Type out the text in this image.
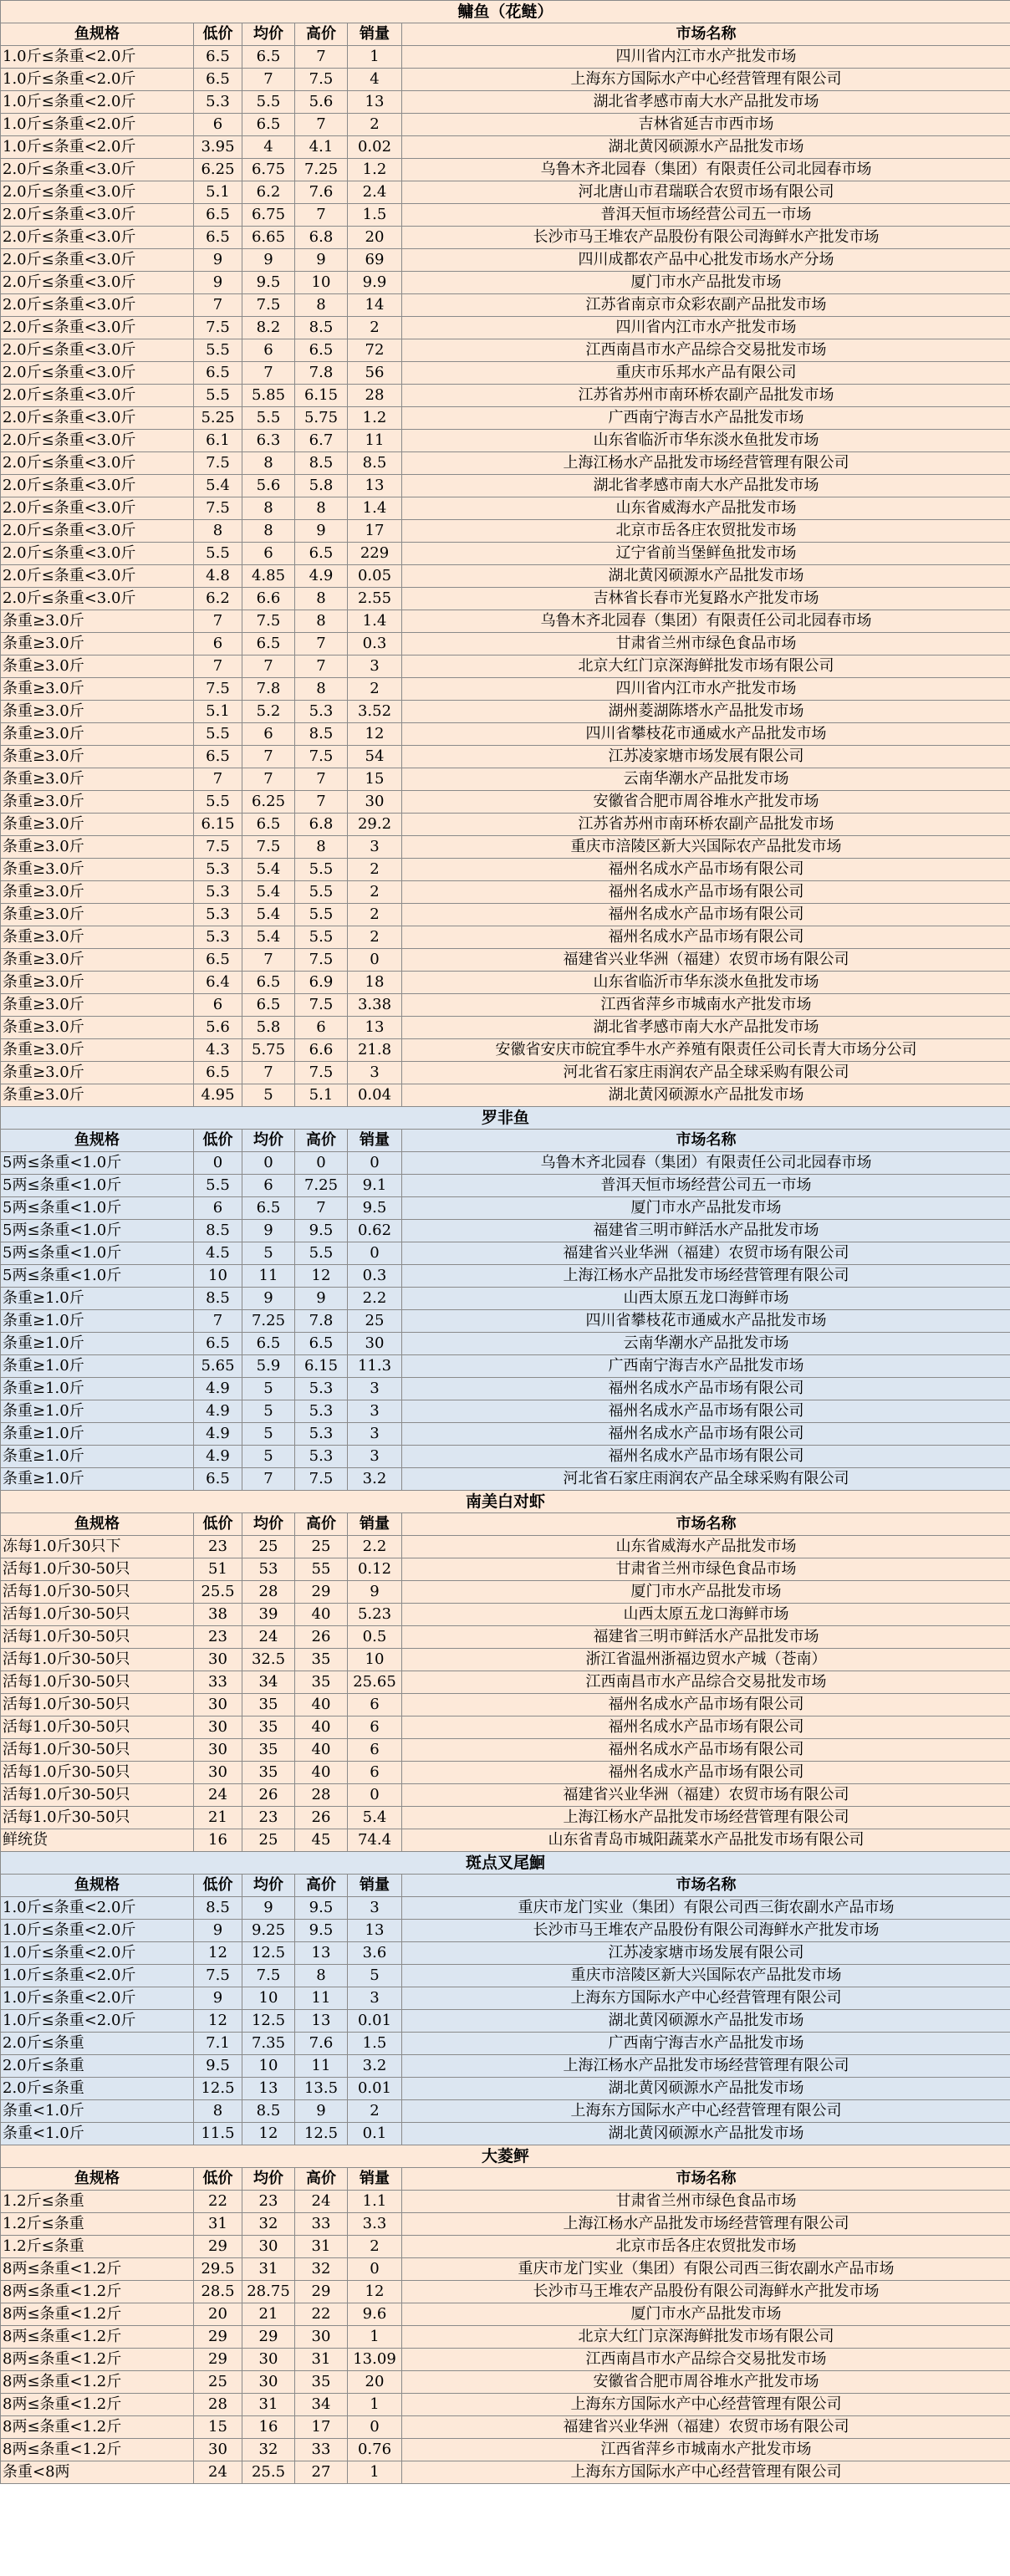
鳙鱼（花鲢）					
鱼规格	低价	均价	高价	销量	市场名称
1.0斤≤条重<2.0斤	6.5	6.5	7	1	四川省内江市水产批发市场
1.0斤≤条重<2.0斤	6.5	7	7.5	4	上海东方国际水产中心经营管理有限公司
1.0斤≤条重<2.0斤	5.3	5.5	5.6	13	湖北省孝感市南大水产品批发市场
1.0斤≤条重<2.0斤	6	6.5	7	2	吉林省延吉市西市场
1.0斤≤条重<2.0斤	3.95	4	4.1	0.02	湖北黄冈硕源水产品批发市场
2.0斤≤条重<3.0斤	6.25	6.75	7.25	1.2	乌鲁木齐北园春（集团）有限责任公司北园春市场
2.0斤≤条重<3.0斤	5.1	6.2	7.6	2.4	河北唐山市君瑞联合农贸市场有限公司
2.0斤≤条重<3.0斤	6.5	6.75	7	1.5	普洱天恒市场经营公司五一市场
2.0斤≤条重<3.0斤	6.5	6.65	6.8	20	长沙市马王堆农产品股份有限公司海鲜水产批发市场
2.0斤≤条重<3.0斤	9	9	9	69	四川成都农产品中心批发市场水产分场
2.0斤≤条重<3.0斤	9	9.5	10	9.9	厦门市水产品批发市场
2.0斤≤条重<3.0斤	7	7.5	8	14	江苏省南京市众彩农副产品批发市场
2.0斤≤条重<3.0斤	7.5	8.2	8.5	2	四川省内江市水产批发市场
2.0斤≤条重<3.0斤	5.5	6	6.5	72	江西南昌市水产品综合交易批发市场
2.0斤≤条重<3.0斤	6.5	7	7.8	56	重庆市乐邦水产品有限公司
2.0斤≤条重<3.0斤	5.5	5.85	6.15	28	江苏省苏州市南环桥农副产品批发市场
2.0斤≤条重<3.0斤	5.25	5.5	5.75	1.2	广西南宁海吉水产品批发市场
2.0斤≤条重<3.0斤	6.1	6.3	6.7	11	山东省临沂市华东淡水鱼批发市场
2.0斤≤条重<3.0斤	7.5	8	8.5	8.5	上海江杨水产品批发市场经营管理有限公司
2.0斤≤条重<3.0斤	5.4	5.6	5.8	13	湖北省孝感市南大水产品批发市场
2.0斤≤条重<3.0斤	7.5	8	8	1.4	山东省威海水产品批发市场
2.0斤≤条重<3.0斤	8	8	9	17	北京市岳各庄农贸批发市场
2.0斤≤条重<3.0斤	5.5	6	6.5	229	辽宁省前当堡鲜鱼批发市场
2.0斤≤条重<3.0斤	4.8	4.85	4.9	0.05	湖北黄冈硕源水产品批发市场
2.0斤≤条重<3.0斤	6.2	6.6	8	2.55	吉林省长春市光复路水产批发市场
条重≥3.0斤	7	7.5	8	1.4	乌鲁木齐北园春（集团）有限责任公司北园春市场
条重≥3.0斤	6	6.5	7	0.3	甘肃省兰州市绿色食品市场
条重≥3.0斤	7	7	7	3	北京大红门京深海鲜批发市场有限公司
条重≥3.0斤	7.5	7.8	8	2	四川省内江市水产批发市场
条重≥3.0斤	5.1	5.2	5.3	3.52	湖州菱湖陈塔水产品批发市场
条重≥3.0斤	5.5	6	8.5	12	四川省攀枝花市通威水产品批发市场
条重≥3.0斤	6.5	7	7.5	54	江苏凌家塘市场发展有限公司
条重≥3.0斤	7	7	7	15	云南华潮水产品批发市场
条重≥3.0斤	5.5	6.25	7	30	安徽省合肥市周谷堆水产批发市场
条重≥3.0斤	6.15	6.5	6.8	29.2	江苏省苏州市南环桥农副产品批发市场
条重≥3.0斤	7.5	7.5	8	3	重庆市涪陵区新大兴国际农产品批发市场
条重≥3.0斤	5.3	5.4	5.5	2	福州名成水产品市场有限公司
条重≥3.0斤	5.3	5.4	5.5	2	福州名成水产品市场有限公司
条重≥3.0斤	5.3	5.4	5.5	2	福州名成水产品市场有限公司
条重≥3.0斤	5.3	5.4	5.5	2	福州名成水产品市场有限公司
条重≥3.0斤	6.5	7	7.5	0	福建省兴业华洲（福建）农贸市场有限公司
条重≥3.0斤	6.4	6.5	6.9	18	山东省临沂市华东淡水鱼批发市场
条重≥3.0斤	6	6.5	7.5	3.38	江西省萍乡市城南水产批发市场
条重≥3.0斤	5.6	5.8	6	13	湖北省孝感市南大水产品批发市场
条重≥3.0斤	4.3	5.75	6.6	21.8	安徽省安庆市皖宜季牛水产养殖有限责任公司长青大市场分公司
条重≥3.0斤	6.5	7	7.5	3	河北省石家庄雨润农产品全球采购有限公司
条重≥3.0斤	4.95	5	5.1	0.04	湖北黄冈硕源水产品批发市场
罗非鱼					
鱼规格	低价	均价	高价	销量	市场名称
5两≤条重<1.0斤	0	0	0	0	乌鲁木齐北园春（集团）有限责任公司北园春市场
5两≤条重<1.0斤	5.5	6	7.25	9.1	普洱天恒市场经营公司五一市场
5两≤条重<1.0斤	6	6.5	7	9.5	厦门市水产品批发市场
5两≤条重<1.0斤	8.5	9	9.5	0.62	福建省三明市鲜活水产品批发市场
5两≤条重<1.0斤	4.5	5	5.5	0	福建省兴业华洲（福建）农贸市场有限公司
5两≤条重<1.0斤	10	11	12	0.3	上海江杨水产品批发市场经营管理有限公司
条重≥1.0斤	8.5	9	9	2.2	山西太原五龙口海鲜市场
条重≥1.0斤	7	7.25	7.8	25	四川省攀枝花市通威水产品批发市场
条重≥1.0斤	6.5	6.5	6.5	30	云南华潮水产品批发市场
条重≥1.0斤	5.65	5.9	6.15	11.3	广西南宁海吉水产品批发市场
条重≥1.0斤	4.9	5	5.3	3	福州名成水产品市场有限公司
条重≥1.0斤	4.9	5	5.3	3	福州名成水产品市场有限公司
条重≥1.0斤	4.9	5	5.3	3	福州名成水产品市场有限公司
条重≥1.0斤	4.9	5	5.3	3	福州名成水产品市场有限公司
条重≥1.0斤	6.5	7	7.5	3.2	河北省石家庄雨润农产品全球采购有限公司
南美白对虾					
鱼规格	低价	均价	高价	销量	市场名称
冻每1.0斤30只下	23	25	25	2.2	山东省威海水产品批发市场
活每1.0斤30-50只	51	53	55	0.12	甘肃省兰州市绿色食品市场
活每1.0斤30-50只	25.5	28	29	9	厦门市水产品批发市场
活每1.0斤30-50只	38	39	40	5.23	山西太原五龙口海鲜市场
活每1.0斤30-50只	23	24	26	0.5	福建省三明市鲜活水产品批发市场
活每1.0斤30-50只	30	32.5	35	10	浙江省温州浙福边贸水产城（苍南）
活每1.0斤30-50只	33	34	35	25.65	江西南昌市水产品综合交易批发市场
活每1.0斤30-50只	30	35	40	6	福州名成水产品市场有限公司
活每1.0斤30-50只	30	35	40	6	福州名成水产品市场有限公司
活每1.0斤30-50只	30	35	40	6	福州名成水产品市场有限公司
活每1.0斤30-50只	30	35	40	6	福州名成水产品市场有限公司
活每1.0斤30-50只	24	26	28	0	福建省兴业华洲（福建）农贸市场有限公司
活每1.0斤30-50只	21	23	26	5.4	上海江杨水产品批发市场经营管理有限公司
鲜统货	16	25	45	74.4	山东省青岛市城阳蔬菜水产品批发市场有限公司
斑点叉尾鮰					
鱼规格	低价	均价	高价	销量	市场名称
1.0斤≤条重<2.0斤	8.5	9	9.5	3	重庆市龙门实业（集团）有限公司西三街农副水产品市场
1.0斤≤条重<2.0斤	9	9.25	9.5	13	长沙市马王堆农产品股份有限公司海鲜水产批发市场
1.0斤≤条重<2.0斤	12	12.5	13	3.6	江苏凌家塘市场发展有限公司
1.0斤≤条重<2.0斤	7.5	7.5	8	5	重庆市涪陵区新大兴国际农产品批发市场
1.0斤≤条重<2.0斤	9	10	11	3	上海东方国际水产中心经营管理有限公司
1.0斤≤条重<2.0斤	12	12.5	13	0.01	湖北黄冈硕源水产品批发市场
2.0斤≤条重	7.1	7.35	7.6	1.5	广西南宁海吉水产品批发市场
2.0斤≤条重	9.5	10	11	3.2	上海江杨水产品批发市场经营管理有限公司
2.0斤≤条重	12.5	13	13.5	0.01	湖北黄冈硕源水产品批发市场
条重<1.0斤	8	8.5	9	2	上海东方国际水产中心经营管理有限公司
条重<1.0斤	11.5	12	12.5	0.1	湖北黄冈硕源水产品批发市场
大菱鲆					
鱼规格	低价	均价	高价	销量	市场名称
1.2斤≤条重	22	23	24	1.1	甘肃省兰州市绿色食品市场
1.2斤≤条重	31	32	33	3.3	上海江杨水产品批发市场经营管理有限公司
1.2斤≤条重	29	30	31	2	北京市岳各庄农贸批发市场
8两≤条重<1.2斤	29.5	31	32	0	重庆市龙门实业（集团）有限公司西三街农副水产品市场
8两≤条重<1.2斤	28.5	28.75	29	12	长沙市马王堆农产品股份有限公司海鲜水产批发市场
8两≤条重<1.2斤	20	21	22	9.6	厦门市水产品批发市场
8两≤条重<1.2斤	29	29	30	1	北京大红门京深海鲜批发市场有限公司
8两≤条重<1.2斤	29	30	31	13.09	江西南昌市水产品综合交易批发市场
8两≤条重<1.2斤	25	30	35	20	安徽省合肥市周谷堆水产批发市场
8两≤条重<1.2斤	28	31	34	1	上海东方国际水产中心经营管理有限公司
8两≤条重<1.2斤	15	16	17	0	福建省兴业华洲（福建）农贸市场有限公司
8两≤条重<1.2斤	30	32	33	0.76	江西省萍乡市城南水产批发市场
条重<8两	24	25.5	27	1	上海东方国际水产中心经营管理有限公司
